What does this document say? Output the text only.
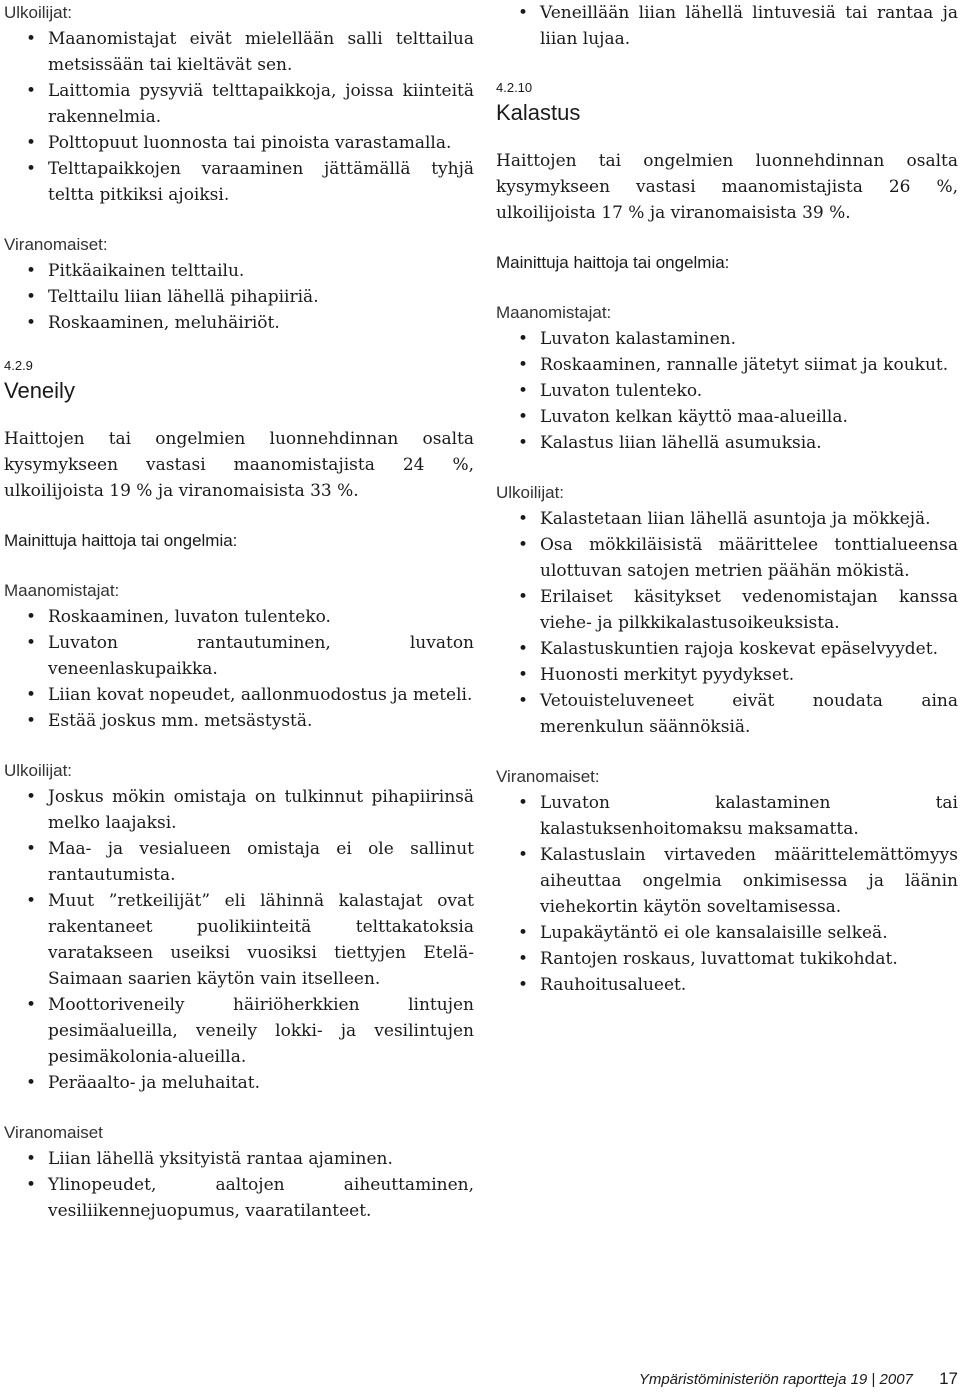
Ulkoilijat:

• Maanomistajat eivät mielellään salli telttailua metsissään tai kieltävät sen.
• Laittomia pysyviä telttapaikkoja, joissa kiinteitä rakennelmia.
• Polttopuut luonnosta tai pinoista varastamalla.
• Telttapaikkojen varaaminen jättämällä tyhjä teltta pitkiksi ajoiksi.

Viranomaiset:

• Pitkäaikainen telttailu.
• Telttailu liian lähellä pihapiiriä.
• Roskaaminen, meluhäiriöt.

4.2.9

Veneily

Haittojen tai ongelmien luonnehdinnan osalta kysymykseen vastasi maanomistajista 24 %, ulkoilijoista 19 % ja viranomaisista 33 %.

Mainittuja haittoja tai ongelmia:

Maanomistajat:

• Roskaaminen, luvaton tulenteko.
• Luvaton rantautuminen, luvaton veneenlaskupaikka.
• Liian kovat nopeudet, aallonmuodostus ja meteli.
• Estää joskus mm. metsästystä.

Ulkoilijat:

• Joskus mökin omistaja on tulkinnut pihapiirinsä melko laajaksi.
• Maa- ja vesialueen omistaja ei ole sallinut rantautumista.
• Muut ”retkeilijät” eli lähinnä kalastajat ovat rakentaneet puolikiinteitä telttakatoksia varatakseen useiksi vuosiksi tiettyjen Etelä-Saimaan saarien käytön vain itselleen.
• Moottoriveneily häiriöherkkien lintujen pesimäalueilla, veneily lokki- ja vesilintujen pesimäkolonia-alueilla.
• Peräaalto- ja meluhaitat.

Viranomaiset

• Liian lähellä yksityistä rantaa ajaminen.
• Ylinopeudet, aaltojen aiheuttaminen, vesiliikennejuopumus, vaaratilanteet.
• Veneillään liian lähellä lintuvesiä tai rantaa ja liian lujaa.

4.2.10

Kalastus

Haittojen tai ongelmien luonnehdinnan osalta kysymykseen vastasi maanomistajista 26 %, ulkoilijoista 17 % ja viranomaisista 39 %.

Mainittuja haittoja tai ongelmia:

Maanomistajat:

• Luvaton kalastaminen.
• Roskaaminen, rannalle jätetyt siimat ja koukut.
• Luvaton tulenteko.
• Luvaton kelkan käyttö maa-alueilla.
• Kalastus liian lähellä asumuksia.

Ulkoilijat:

• Kalastetaan liian lähellä asuntoja ja mökkejä.
• Osa mökkiläisistä määrittelee tonttialueensa ulottuvan satojen metrien päähän mökistä.
• Erilaiset käsitykset vedenomistajan kanssa viehe- ja pilkkikalastusoikeuksista.
• Kalastuskuntien rajoja koskevat epäselvyydet.
• Huonosti merkityt pyydykset.
• Vetouisteluveneet eivät noudata aina merenkulun säännöksiä.

Viranomaiset:

• Luvaton kalastaminen tai kalastuksenhoitomaksu maksamatta.
• Kalastuslain virtaveden määrittelemättömyys aiheuttaa ongelmia onkimisessa ja läänin viehekortin käytön soveltamisessa.
• Lupakäytäntö ei ole kansalaisille selkeä.
• Rantojen roskaus, luvattomat tukikohdat.
• Rauhoitusalueet.
Ympäristöministeriön raportteja 19 | 2007 17
